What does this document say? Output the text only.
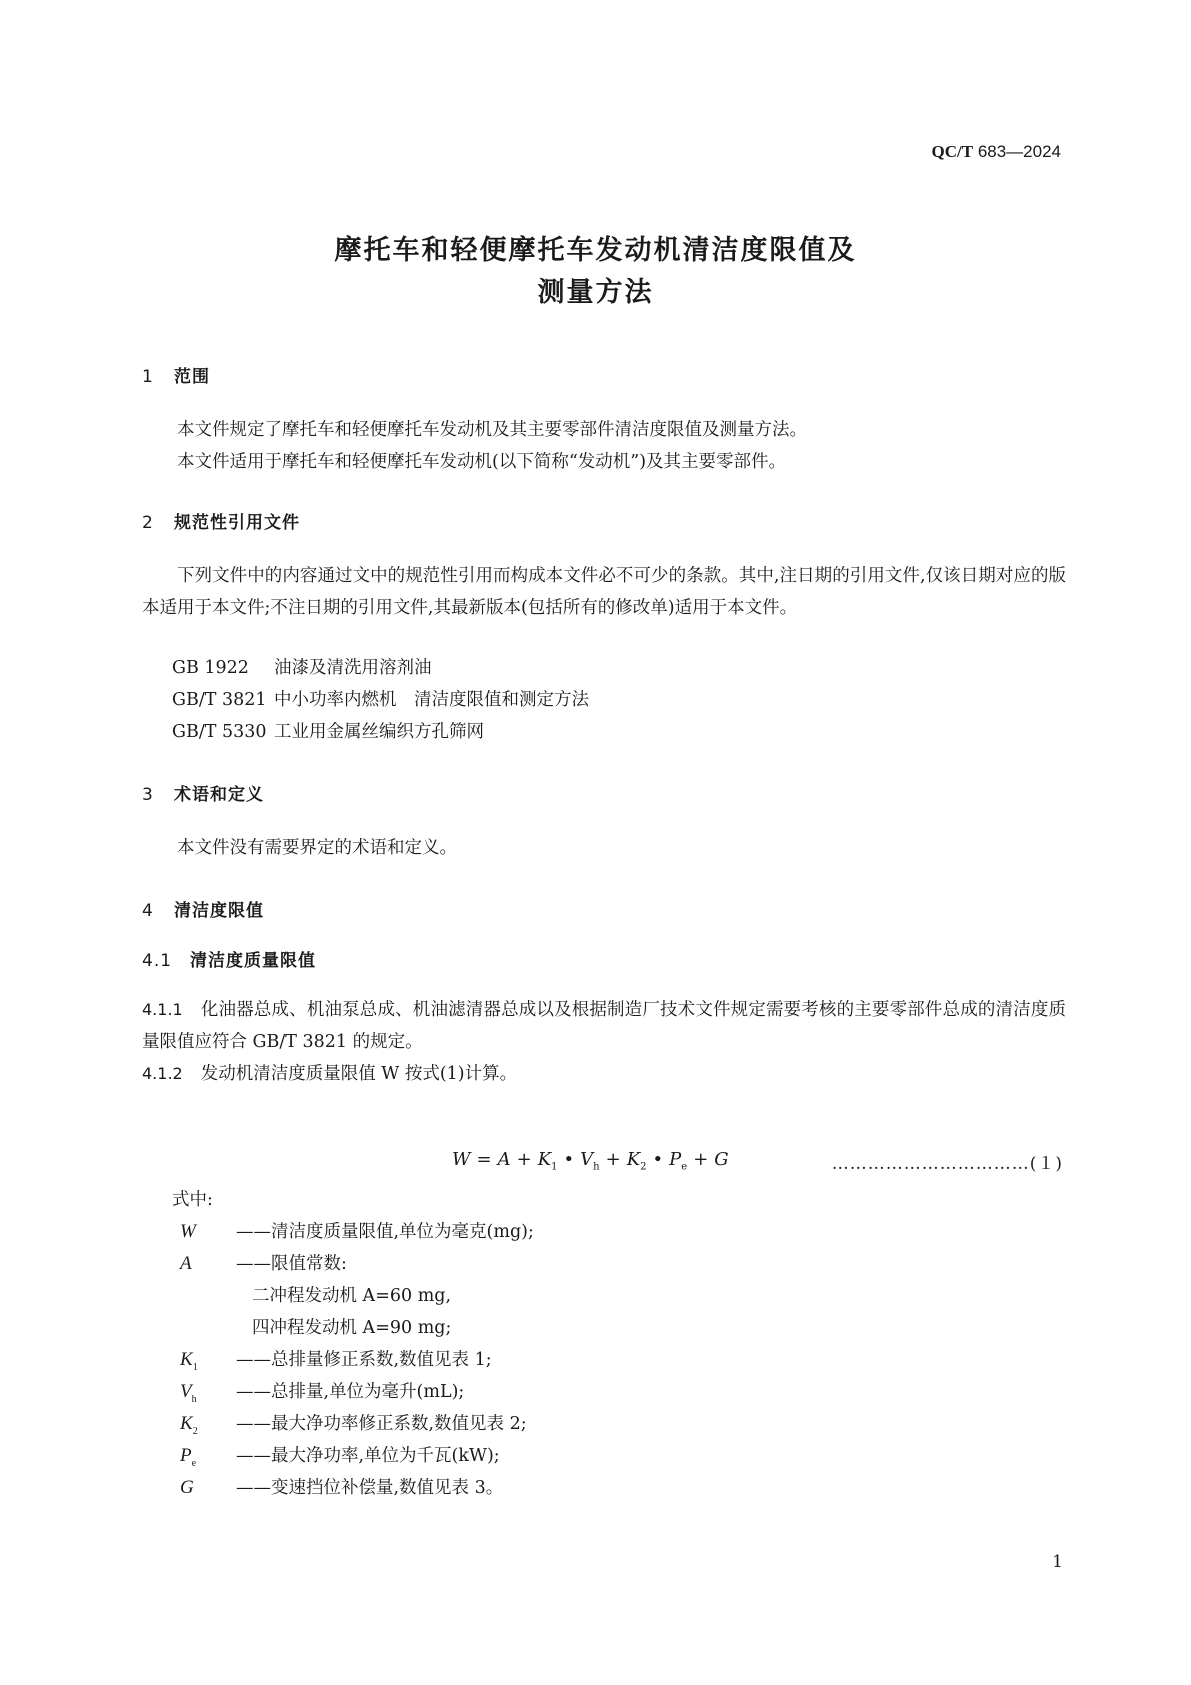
QC/T 683—2024
摩托车和轻便摩托车发动机清洁度限值及
测量方法
1 范围
本文件规定了摩托车和轻便摩托车发动机及其主要零部件清洁度限值及测量方法。
本文件适用于摩托车和轻便摩托车发动机(以下简称“发动机”)及其主要零部件。
2 规范性引用文件
下列文件中的内容通过文中的规范性引用而构成本文件必不可少的条款。其中,注日期的引用文件,仅该日期对应的版本适用于本文件;不注日期的引用文件,其最新版本(包括所有的修改单)适用于本文件。
GB 1922 油漆及清洗用溶剂油
GB/T 3821 中小功率内燃机　清洁度限值和测定方法
GB/T 5330 工业用金属丝编织方孔筛网
3 术语和定义
本文件没有需要界定的术语和定义。
4 清洁度限值
4.1 清洁度质量限值
4.1.1 化油器总成、机油泵总成、机油滤清器总成以及根据制造厂技术文件规定需要考核的主要零部件总成的清洁度质量限值应符合 GB/T 3821 的规定。
4.1.2 发动机清洁度质量限值 W 按式(1)计算。
$W = A + K_1$ • $V_h + K_2$ • $P_e + G$	……………………………(１)
式中:
W ——清洁度质量限值,单位为毫克(mg);
A	——限值常数:
二冲程发动机 A=60 mg,
四冲程发动机 A=90 mg;
$K_1$ ——总排量修正系数,数值见表 1;
$V_h$ ——总排量,单位为毫升(mL);
$K_2$ ——最大净功率修正系数,数值见表 2;
$P_e$ ——最大净功率,单位为千瓦(kW);
G ——变速挡位补偿量,数值见表 3。
1
